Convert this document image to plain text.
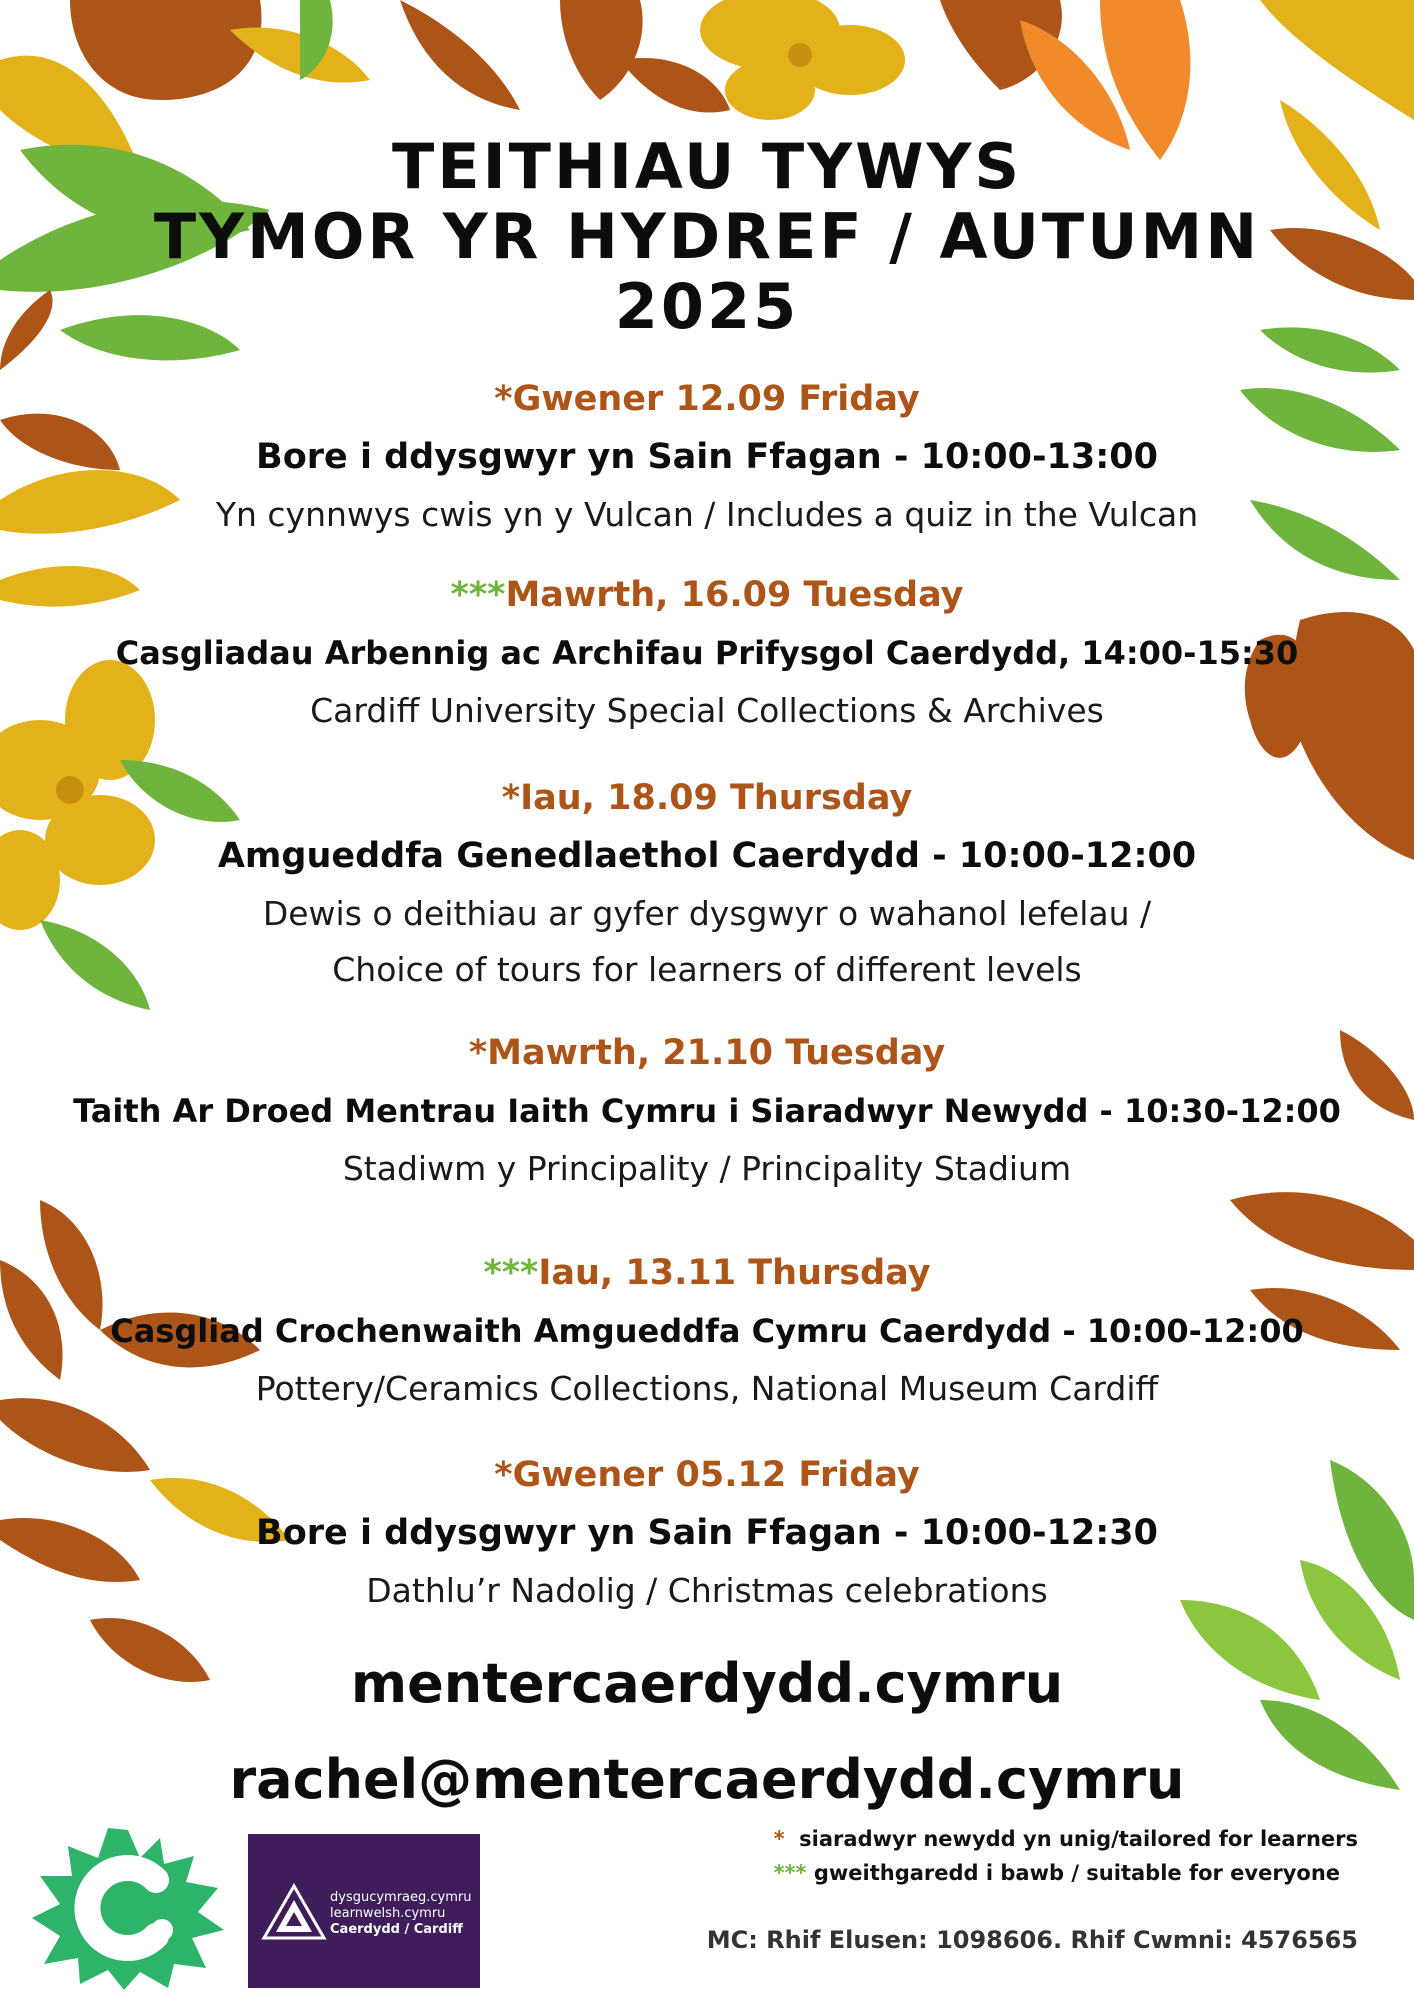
TEITHIAU TYWYS
TYMOR YR HYDREF / AUTUMN
2025
*Gwener 12.09 Friday
Bore i ddysgwyr yn Sain Ffagan - 10:00-13:00
Yn cynnwys cwis yn y Vulcan / Includes a quiz in the Vulcan
***Mawrth, 16.09 Tuesday
Casgliadau Arbennig ac Archifau Prifysgol Caerdydd, 14:00-15:30
Cardiff University Special Collections & Archives
*Iau, 18.09 Thursday
Amgueddfa Genedlaethol Caerdydd - 10:00-12:00
Dewis o deithiau ar gyfer dysgwyr o wahanol lefelau /
Choice of tours for learners of different levels
*Mawrth, 21.10 Tuesday
Taith Ar Droed Mentrau Iaith Cymru i Siaradwyr Newydd - 10:30-12:00
Stadiwm y Principality / Principality Stadium
***Iau, 13.11 Thursday
Casgliad Crochenwaith Amgueddfa Cymru Caerdydd - 10:00-12:00
Pottery/Ceramics Collections, National Museum Cardiff
*Gwener 05.12 Friday
Bore i ddysgwyr yn Sain Ffagan - 10:00-12:30
Dathlu’r Nadolig / Christmas celebrations
mentercaerdydd.cymru
rachel@mentercaerdydd.cymru
dysgucymraeg.cymru
learnwelsh.cymru
Caerdydd / Cardiff
* siaradwyr newydd yn unig/tailored for learners
*** gweithgaredd i bawb / suitable for everyone
MC: Rhif Elusen: 1098606. Rhif Cwmni: 4576565
